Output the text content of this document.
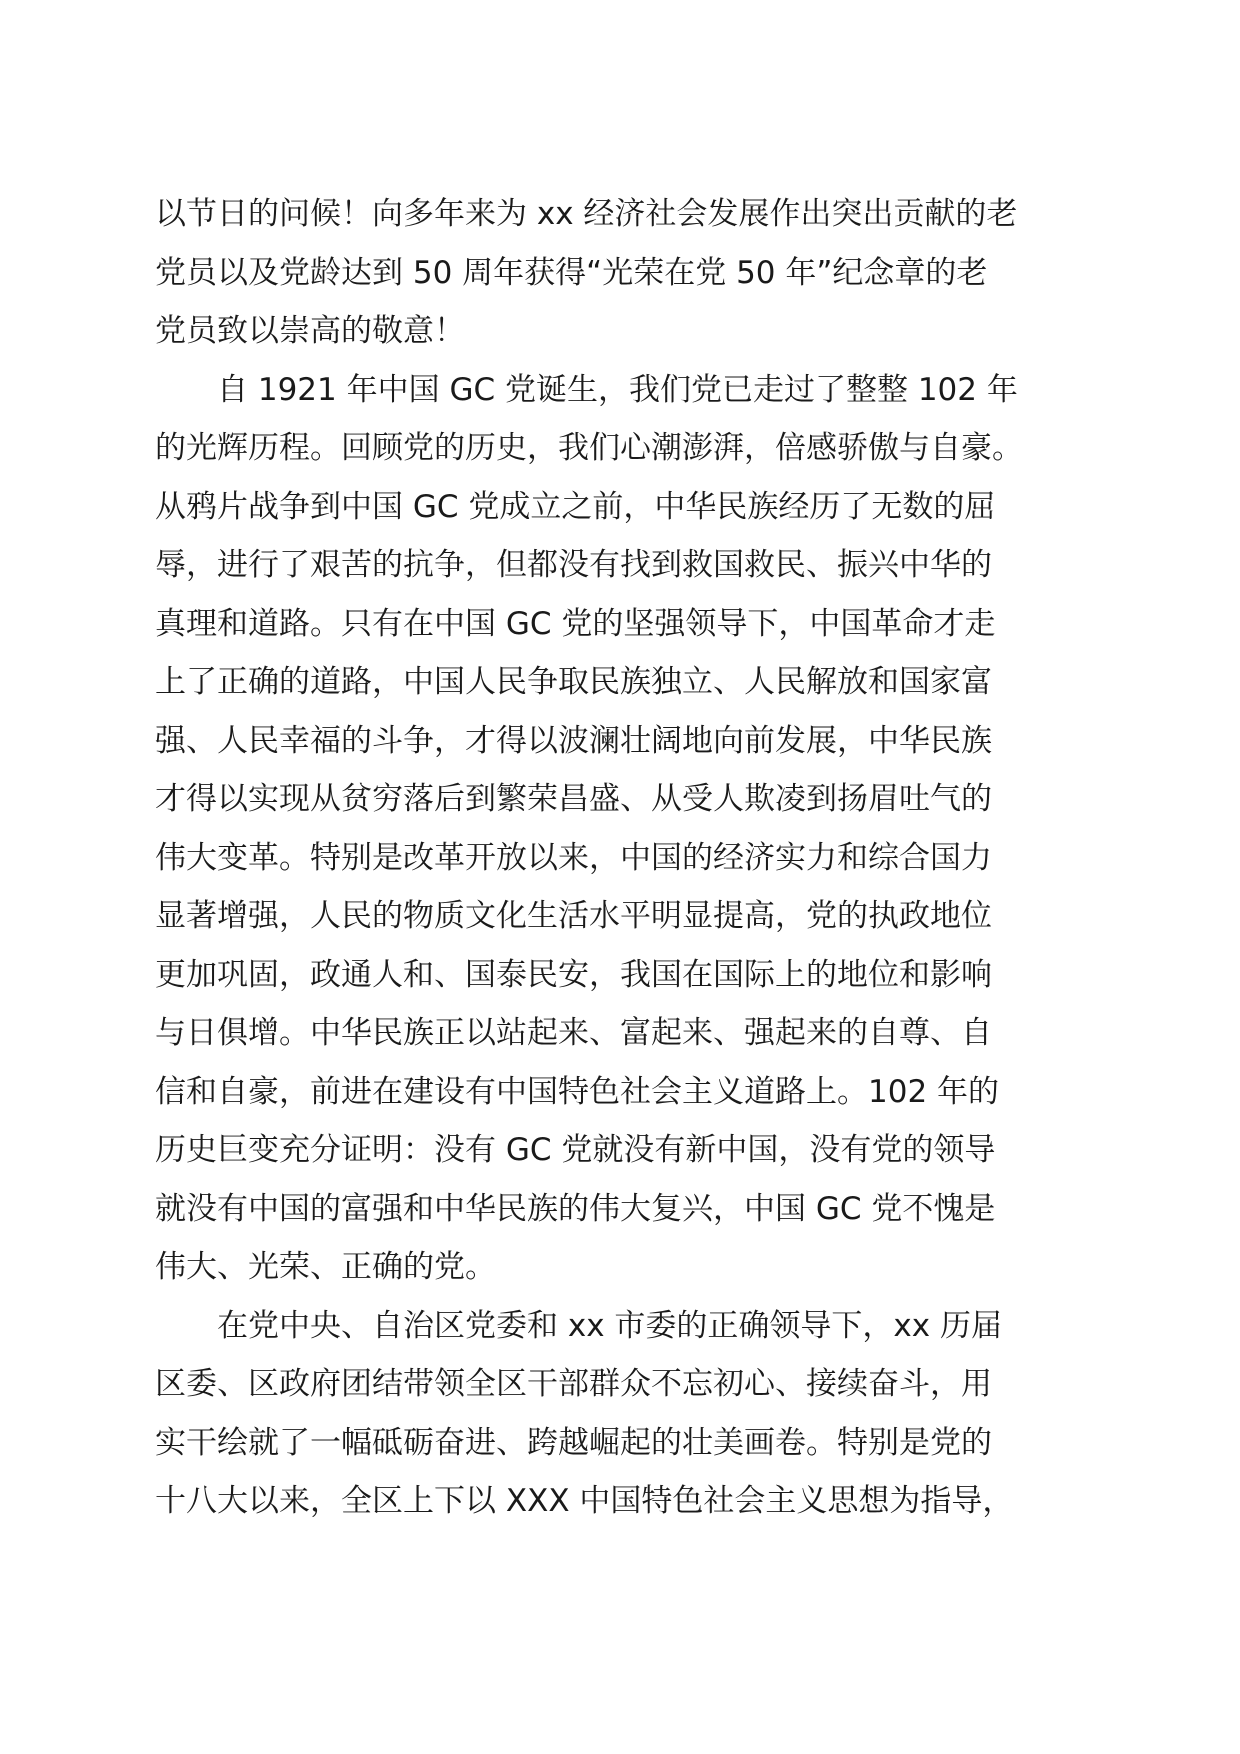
以节日的问候！向多年来为 xx 经济社会发展作出突出贡献的老
党员以及党龄达到 50 周年获得“光荣在党 50 年”纪念章的老
党员致以崇高的敬意！
自 1921 年中国 GC 党诞生，我们党已走过了整整 102 年
的光辉历程。回顾党的历史，我们心潮澎湃，倍感骄傲与自豪。
从鸦片战争到中国 GC 党成立之前，中华民族经历了无数的屈
辱，进行了艰苦的抗争，但都没有找到救国救民、振兴中华的
真理和道路。只有在中国 GC 党的坚强领导下，中国革命才走
上了正确的道路，中国人民争取民族独立、人民解放和国家富
强、人民幸福的斗争，才得以波澜壮阔地向前发展，中华民族
才得以实现从贫穷落后到繁荣昌盛、从受人欺凌到扬眉吐气的
伟大变革。特别是改革开放以来，中国的经济实力和综合国力
显著增强，人民的物质文化生活水平明显提高，党的执政地位
更加巩固，政通人和、国泰民安，我国在国际上的地位和影响
与日俱增。中华民族正以站起来、富起来、强起来的自尊、自
信和自豪，前进在建设有中国特色社会主义道路上。102 年的
历史巨变充分证明：没有 GC 党就没有新中国，没有党的领导
就没有中国的富强和中华民族的伟大复兴，中国 GC 党不愧是
伟大、光荣、正确的党。
在党中央、自治区党委和 xx 市委的正确领导下，xx 历届
区委、区政府团结带领全区干部群众不忘初心、接续奋斗，用
实干绘就了一幅砥砺奋进、跨越崛起的壮美画卷。特别是党的
十八大以来，全区上下以 XXX 中国特色社会主义思想为指导，
